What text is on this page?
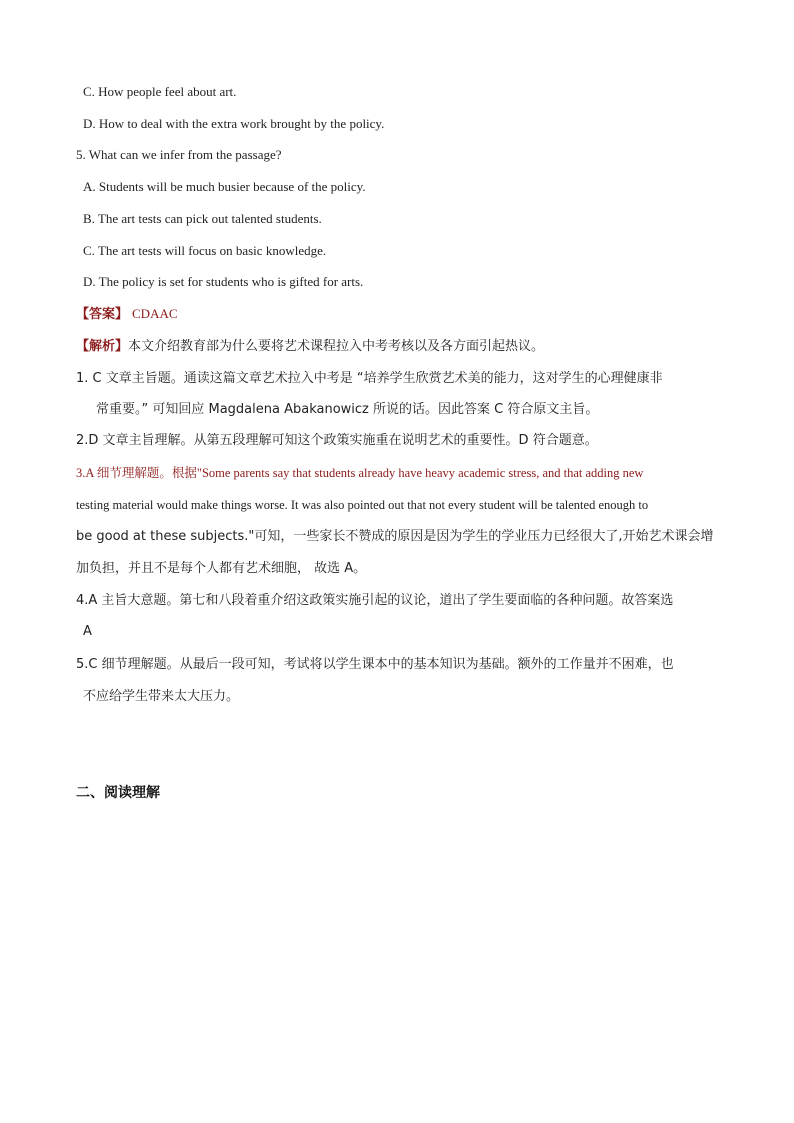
C. How people feel about art.
D. How to deal with the extra work brought by the policy.
5. What can we infer from the passage?
A. Students will be much busier because of the policy.
B. The art tests can pick out talented students.
C. The art tests will focus on basic knowledge.
D. The policy is set for students who is gifted for arts.
【答案】 CDAAC
【解析】本文介绍教育部为什么要将艺术课程拉入中考考核以及各方面引起热议。
1. C 文章主旨题。通读这篇文章艺术拉入中考是 “培养学生欣赏艺术美的能力，这对学生的心理健康非
常重要。” 可知回应 Magdalena Abakanowicz 所说的话。因此答案 C 符合原文主旨。
2.D 文章主旨理解。从第五段理解可知这个政策实施重在说明艺术的重要性。D 符合题意。
3.A 细节理解题。根据"Some parents say that students already have heavy academic stress, and that adding new
testing material would make things worse. It was also pointed out that not every student will be talented enough to
be good at these subjects."可知，一些家长不赞成的原因是因为学生的学业压力已经很大了,开始艺术课会增
加负担，并且不是每个人都有艺术细胞， 故选 A。
4.A 主旨大意题。第七和八段着重介绍这政策实施引起的议论，道出了学生要面临的各种问题。故答案选
A
5.C 细节理解题。从最后一段可知，考试将以学生课本中的基本知识为基础。额外的工作量并不困难，也
不应给学生带来太大压力。
二、阅读理解
